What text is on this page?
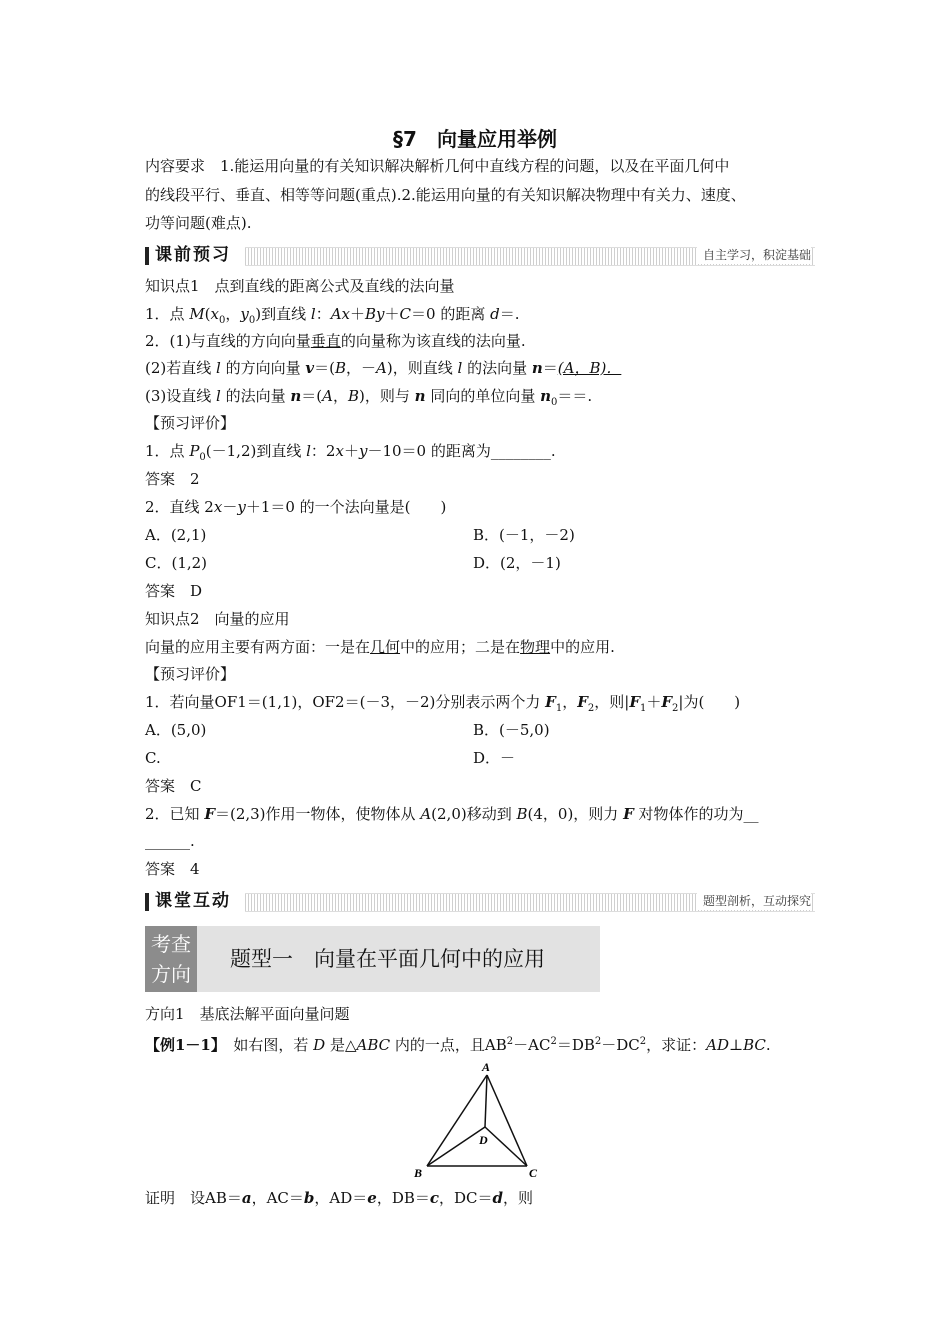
§7　向量应用举例
内容要求　1.能运用向量的有关知识解决解析几何中直线方程的问题，以及在平面几何中
的线段平行、垂直、相等等问题(重点).2.能运用向量的有关知识解决物理中有关力、速度、
功等问题(难点).
课前预习	自主学习，积淀基础
知识点1　点到直线的距离公式及直线的法向量
1．点 $M(x_0$，$y_0$)到直线 l：Ax＋By＋C＝0 的距离 d＝.
2．(1)与直线的方向向量垂直的向量称为该直线的法向量.
(2)若直线 l 的方向向量 v＝(B，－A)，则直线 l 的法向量 n＝(A，B)．
(3)设直线 l 的法向量 n＝(A，B)，则与 n 同向的单位向量 $n_0==$.
【预习评价】
1．点 $P_0(-1,2)$到直线 l：2x＋y－10＝0 的距离为________.
答案　2
2．直线 2x－y＋1＝0 的一个法向量是(　　)
A．(2,1)	B．(－1，－2)
C．(1,2)	D．(2，－1)
答案　D
知识点2　向量的应用
向量的应用主要有两方面：一是在几何中的应用；二是在物理中的应用.
【预习评价】
1．若向量OF1＝(1,1)，OF2＝(－3，－2)分别表示两个力 $F_1$，$F_2$，则$|F_1+F_2|$为(　　)
A．(5,0)	B．(－5,0)
C.	D．－
答案　C
2．已知 F＝(2,3)作用一物体，使物体从 A(2,0)移动到 B(4，0)，则力 F 对物体作的功为__
______.
答案　4
课堂互动	题型剖析，互动探究
考查
方向
题型一　向量在平面几何中的应用
方向1　基底法解平面向量问题
【例1－1】　如右图，若 D 是△ABC 内的一点，且$AB^2-AC^2=DB^2-DC^2$，求证：AD⊥BC.
A
B	C
D
证明　设AB＝a，AC＝b，AD＝e，DB＝c，DC＝d，则
